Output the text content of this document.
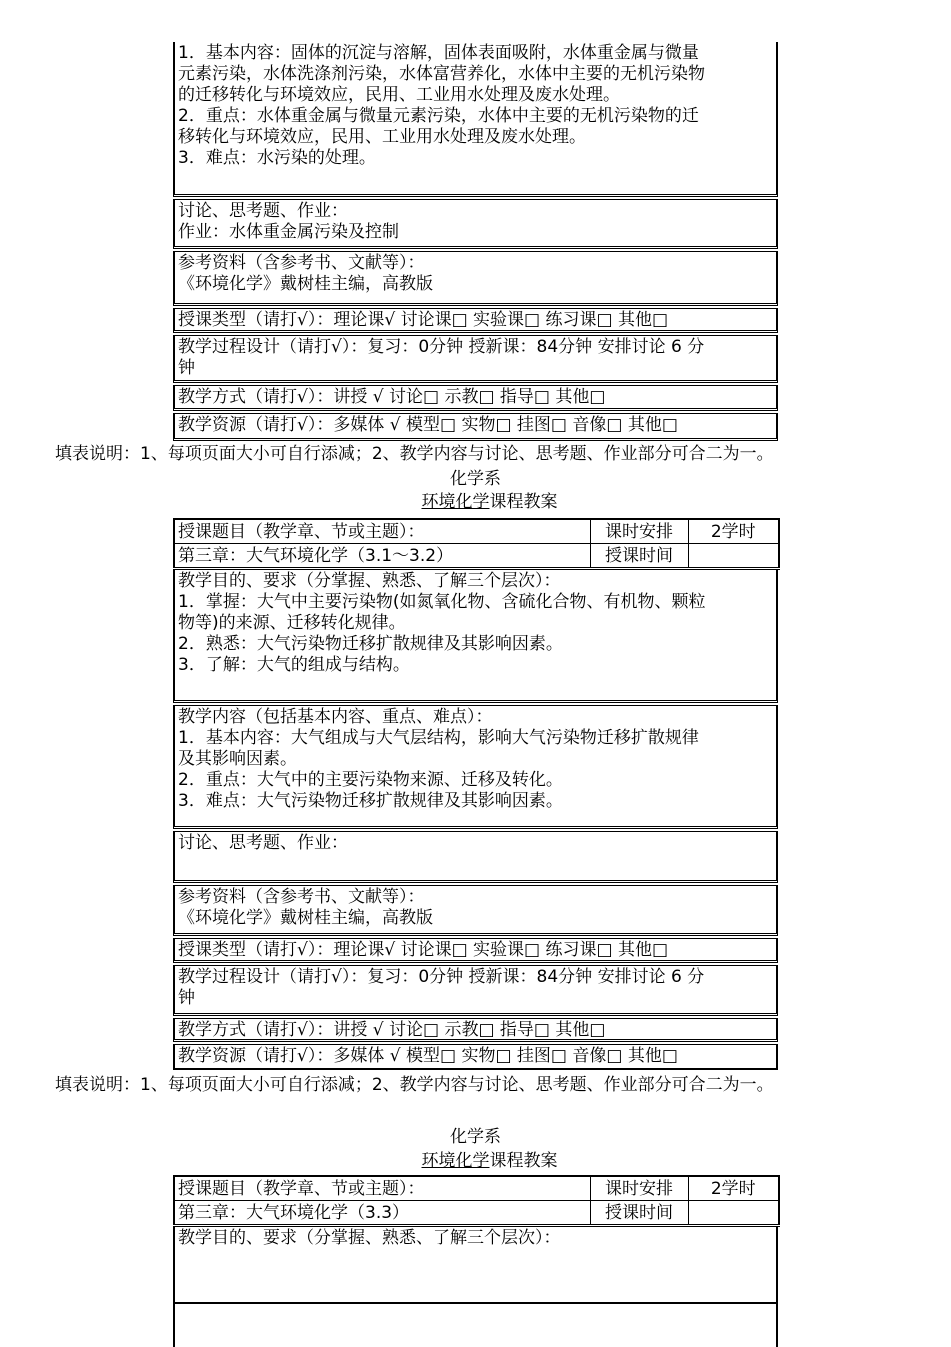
1．基本内容：固体的沉淀与溶解，固体表面吸附，水体重金属与微量
元素污染，水体洗涤剂污染，水体富营养化，水体中主要的无机污染物
的迁移转化与环境效应，民用、工业用水处理及废水处理。
2．重点：水体重金属与微量元素污染，水体中主要的无机污染物的迁
移转化与环境效应，民用、工业用水处理及废水处理。
3．难点：水污染的处理。
讨论、思考题、作业：
作业：水体重金属污染及控制
参考资料（含参考书、文献等）：
《环境化学》戴树桂主编，高教版
授课类型（请打√）：理论课√ 讨论课□ 实验课□ 练习课□ 其他□
教学过程设计（请打√）：复习：0分钟 授新课：84分钟 安排讨论 6 分
钟
教学方式（请打√）：讲授 √ 讨论□ 示教□ 指导□ 其他□
教学资源（请打√）：多媒体 √ 模型□ 实物□ 挂图□ 音像□ 其他□
填表说明：1、每项页面大小可自行添减；2、教学内容与讨论、思考题、作业部分可合二为一。
化学系
环境化学课程教案
授课题目（教学章、节或主题）：	课时安排	2学时
第三章：大气环境化学（3.1～3.2）	授课时间	
教学目的、要求（分掌握、熟悉、了解三个层次）：
1．掌握：大气中主要污染物(如氮氧化物、含硫化合物、有机物、颗粒
物等)的来源、迁移转化规律。
2．熟悉：大气污染物迁移扩散规律及其影响因素。
3．了解：大气的组成与结构。
教学内容（包括基本内容、重点、难点）：
1．基本内容：大气组成与大气层结构，影响大气污染物迁移扩散规律
及其影响因素。
2．重点：大气中的主要污染物来源、迁移及转化。
3．难点：大气污染物迁移扩散规律及其影响因素。
讨论、思考题、作业：
参考资料（含参考书、文献等）：
《环境化学》戴树桂主编，高教版
授课类型（请打√）：理论课√ 讨论课□ 实验课□ 练习课□ 其他□
教学过程设计（请打√）：复习：0分钟 授新课：84分钟 安排讨论 6 分
钟
教学方式（请打√）：讲授 √ 讨论□ 示教□ 指导□ 其他□
教学资源（请打√）：多媒体 √ 模型□ 实物□ 挂图□ 音像□ 其他□
填表说明：1、每项页面大小可自行添减；2、教学内容与讨论、思考题、作业部分可合二为一。
化学系
环境化学课程教案
授课题目（教学章、节或主题）：	课时安排	2学时
第三章：大气环境化学（3.3）	授课时间	
教学目的、要求（分掌握、熟悉、了解三个层次）：
